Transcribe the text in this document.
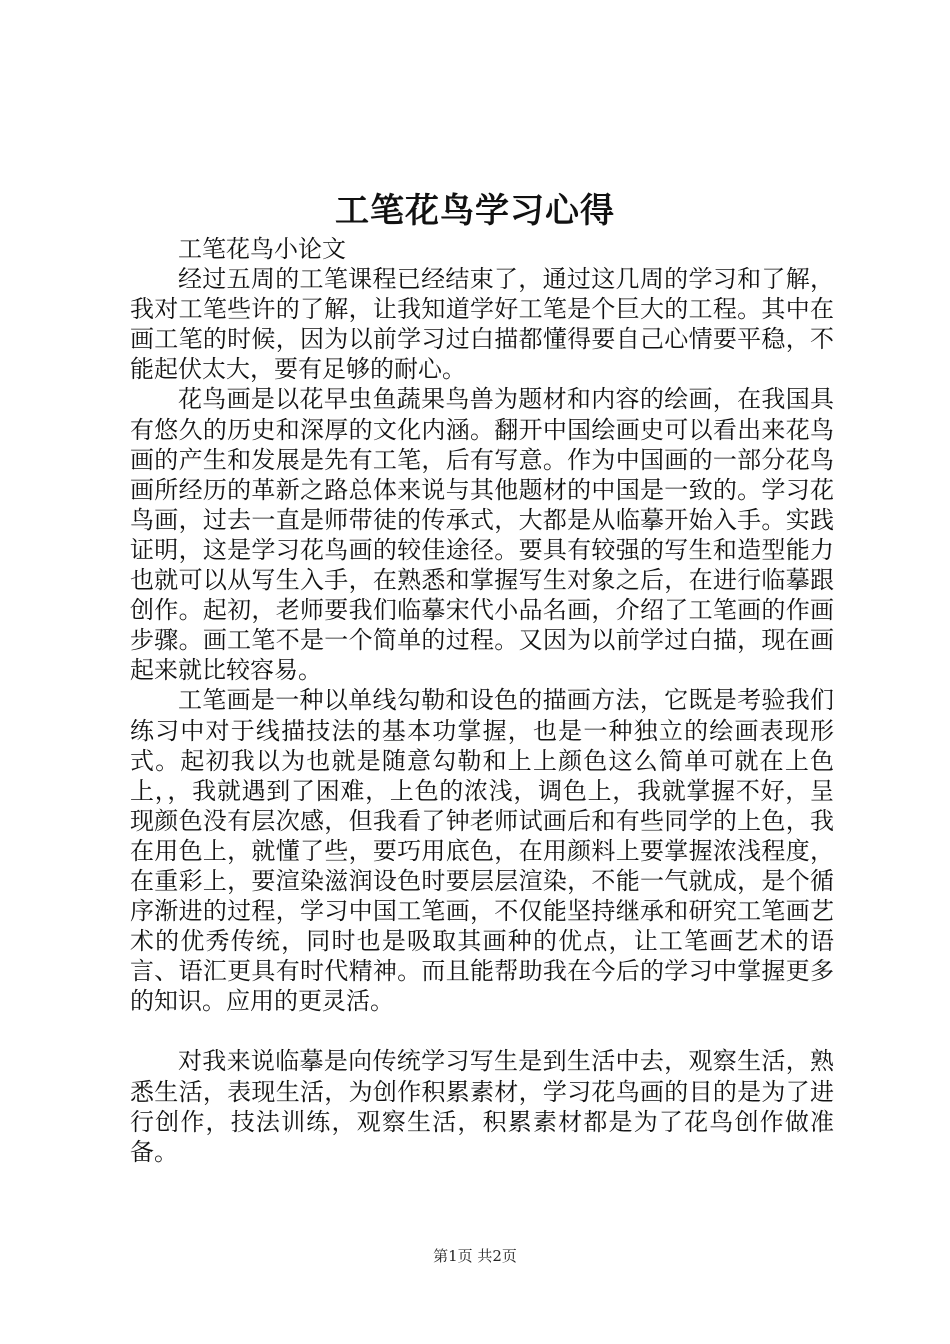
工笔花鸟学习心得

工笔花鸟小论文

经过五周的工笔课程已经结束了，通过这几周的学习和了解，我对工笔些许的了解，让我知道学好工笔是个巨大的工程。其中在画工笔的时候，因为以前学习过白描都懂得要自己心情要平稳，不能起伏太大，要有足够的耐心。

花鸟画是以花早虫鱼蔬果鸟兽为题材和内容的绘画，在我国具有悠久的历史和深厚的文化内涵。翻开中国绘画史可以看出来花鸟画的产生和发展是先有工笔，后有写意。作为中国画的一部分花鸟画所经历的革新之路总体来说与其他题材的中国是一致的。学习花鸟画，过去一直是师带徒的传承式，大都是从临摹开始入手。实践证明，这是学习花鸟画的较佳途径。要具有较强的写生和造型能力也就可以从写生入手，在熟悉和掌握写生对象之后，在进行临摹跟创作。起初，老师要我们临摹宋代小品名画，介绍了工笔画的作画步骤。画工笔不是一个简单的过程。又因为以前学过白描，现在画起来就比较容易。

工笔画是一种以单线勾勒和设色的描画方法，它既是考验我们练习中对于线描技法的基本功掌握，也是一种独立的绘画表现形式。起初我以为也就是随意勾勒和上上颜色这么简单可就在上色上，，我就遇到了困难，上色的浓浅，调色上，我就掌握不好，呈现颜色没有层次感，但我看了钟老师试画后和有些同学的上色，我在用色上，就懂了些，要巧用底色，在用颜料上要掌握浓浅程度，在重彩上，要渲染滋润设色时要层层渲染，不能一气就成，是个循序渐进的过程，学习中国工笔画，不仅能坚持继承和研究工笔画艺术的优秀传统，同时也是吸取其画种的优点，让工笔画艺术的语言、语汇更具有时代精神。而且能帮助我在今后的学习中掌握更多的知识。应用的更灵活。

对我来说临摹是向传统学习写生是到生活中去，观察生活，熟悉生活，表现生活，为创作积累素材，学习花鸟画的目的是为了进行创作，技法训练，观察生活，积累素材都是为了花鸟创作做准备。

第1页 共2页
